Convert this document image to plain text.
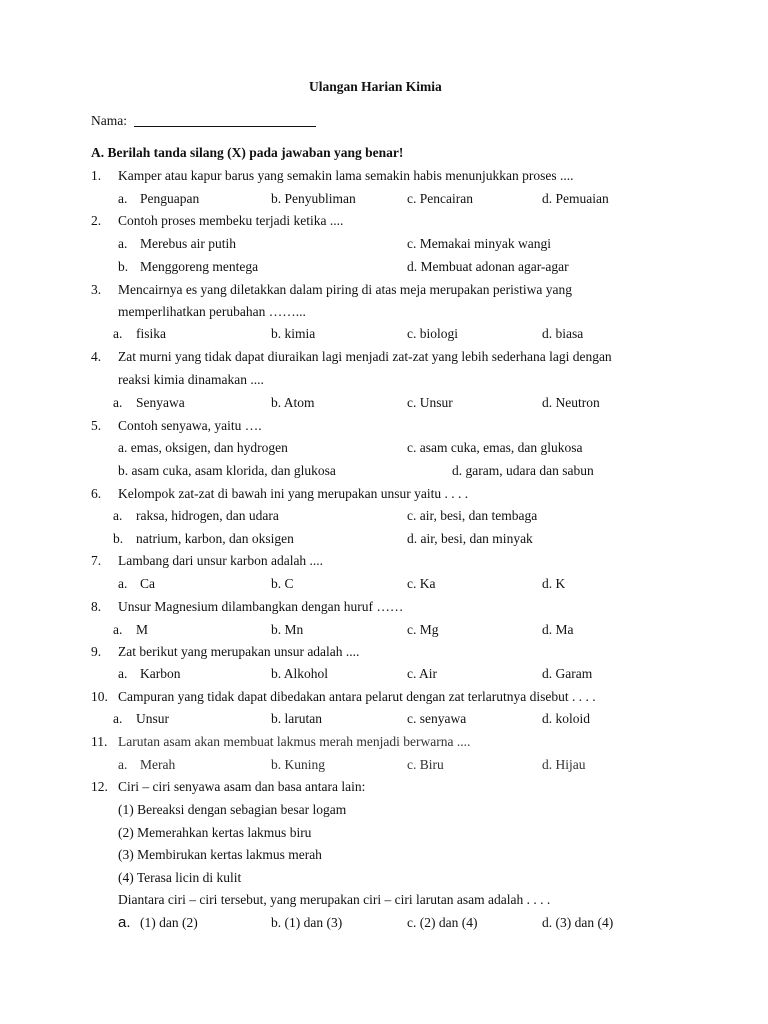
Ulangan Harian Kimia
Nama:
A. Berilah tanda silang (X) pada jawaban yang benar!
1. Kamper atau kapur barus yang semakin lama semakin habis menunjukkan proses ....
a. Penguapan	b. Penyubliman	c. Pencairan	d. Pemuaian
2. Contoh proses membeku terjadi ketika ....
a. Merebus air putih	c. Memakai minyak wangi
b. Menggoreng mentega	d. Membuat adonan agar-agar
3. Mencairnya es yang diletakkan dalam piring di atas meja merupakan peristiwa yang
memperlihatkan perubahan ……...
a. fisika	b. kimia	c. biologi	d. biasa
4. Zat murni yang tidak dapat diuraikan lagi menjadi zat-zat yang lebih sederhana lagi dengan
reaksi kimia dinamakan ....
a. Senyawa	b. Atom	c. Unsur	d. Neutron
5. Contoh senyawa, yaitu ….
a. emas, oksigen, dan hydrogen	c. asam cuka, emas, dan glukosa
b. asam cuka, asam klorida, dan glukosa	d. garam, udara dan sabun
6. Kelompok zat-zat di bawah ini yang merupakan unsur yaitu . . . .
a. raksa, hidrogen, dan udara	c. air, besi, dan tembaga
b. natrium, karbon, dan oksigen	d. air, besi, dan minyak
7. Lambang dari unsur karbon adalah ....
a. Ca	b. C	c. Ka	d. K
8. Unsur Magnesium dilambangkan dengan huruf ……
a. M	b. Mn	c. Mg	d. Ma
9. Zat berikut yang merupakan unsur adalah ....
a. Karbon	b. Alkohol	c. Air	d. Garam
10. Campuran yang tidak dapat dibedakan antara pelarut dengan zat terlarutnya disebut . . . .
a. Unsur	b. larutan	c. senyawa	d. koloid
11. Larutan asam akan membuat lakmus merah menjadi berwarna ....
a. Merah	b. Kuning	c. Biru	d. Hijau
12. Ciri – ciri senyawa asam dan basa antara lain:
(1) Bereaksi dengan sebagian besar logam
(2) Memerahkan kertas lakmus biru
(3) Membirukan kertas lakmus merah
(4) Terasa licin di kulit
Diantara ciri – ciri tersebut, yang merupakan ciri – ciri larutan asam adalah . . . .
a. (1) dan (2)	b. (1) dan (3)	c. (2) dan (4)	d. (3) dan (4)
